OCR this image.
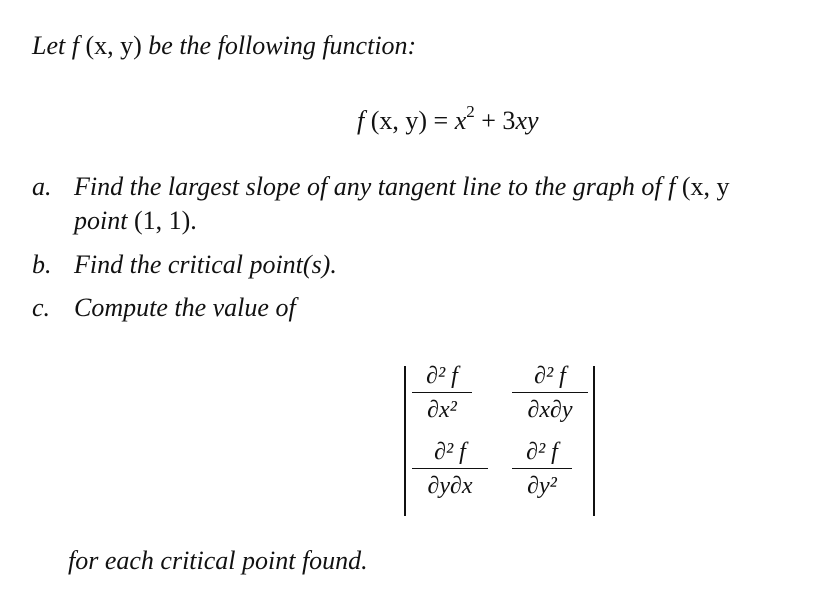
Let f (x, y) be the following function:
f (x, $y) = x^2 + 3xy$
a. Find the largest slope of any tangent line to the graph of f (x, y
point (1, 1).
b. Find the critical point(s).
c. Compute the value of
∂² f
∂x²
∂² f
∂x∂y
∂² f
∂y∂x
∂² f
∂y²
for each critical point found.
